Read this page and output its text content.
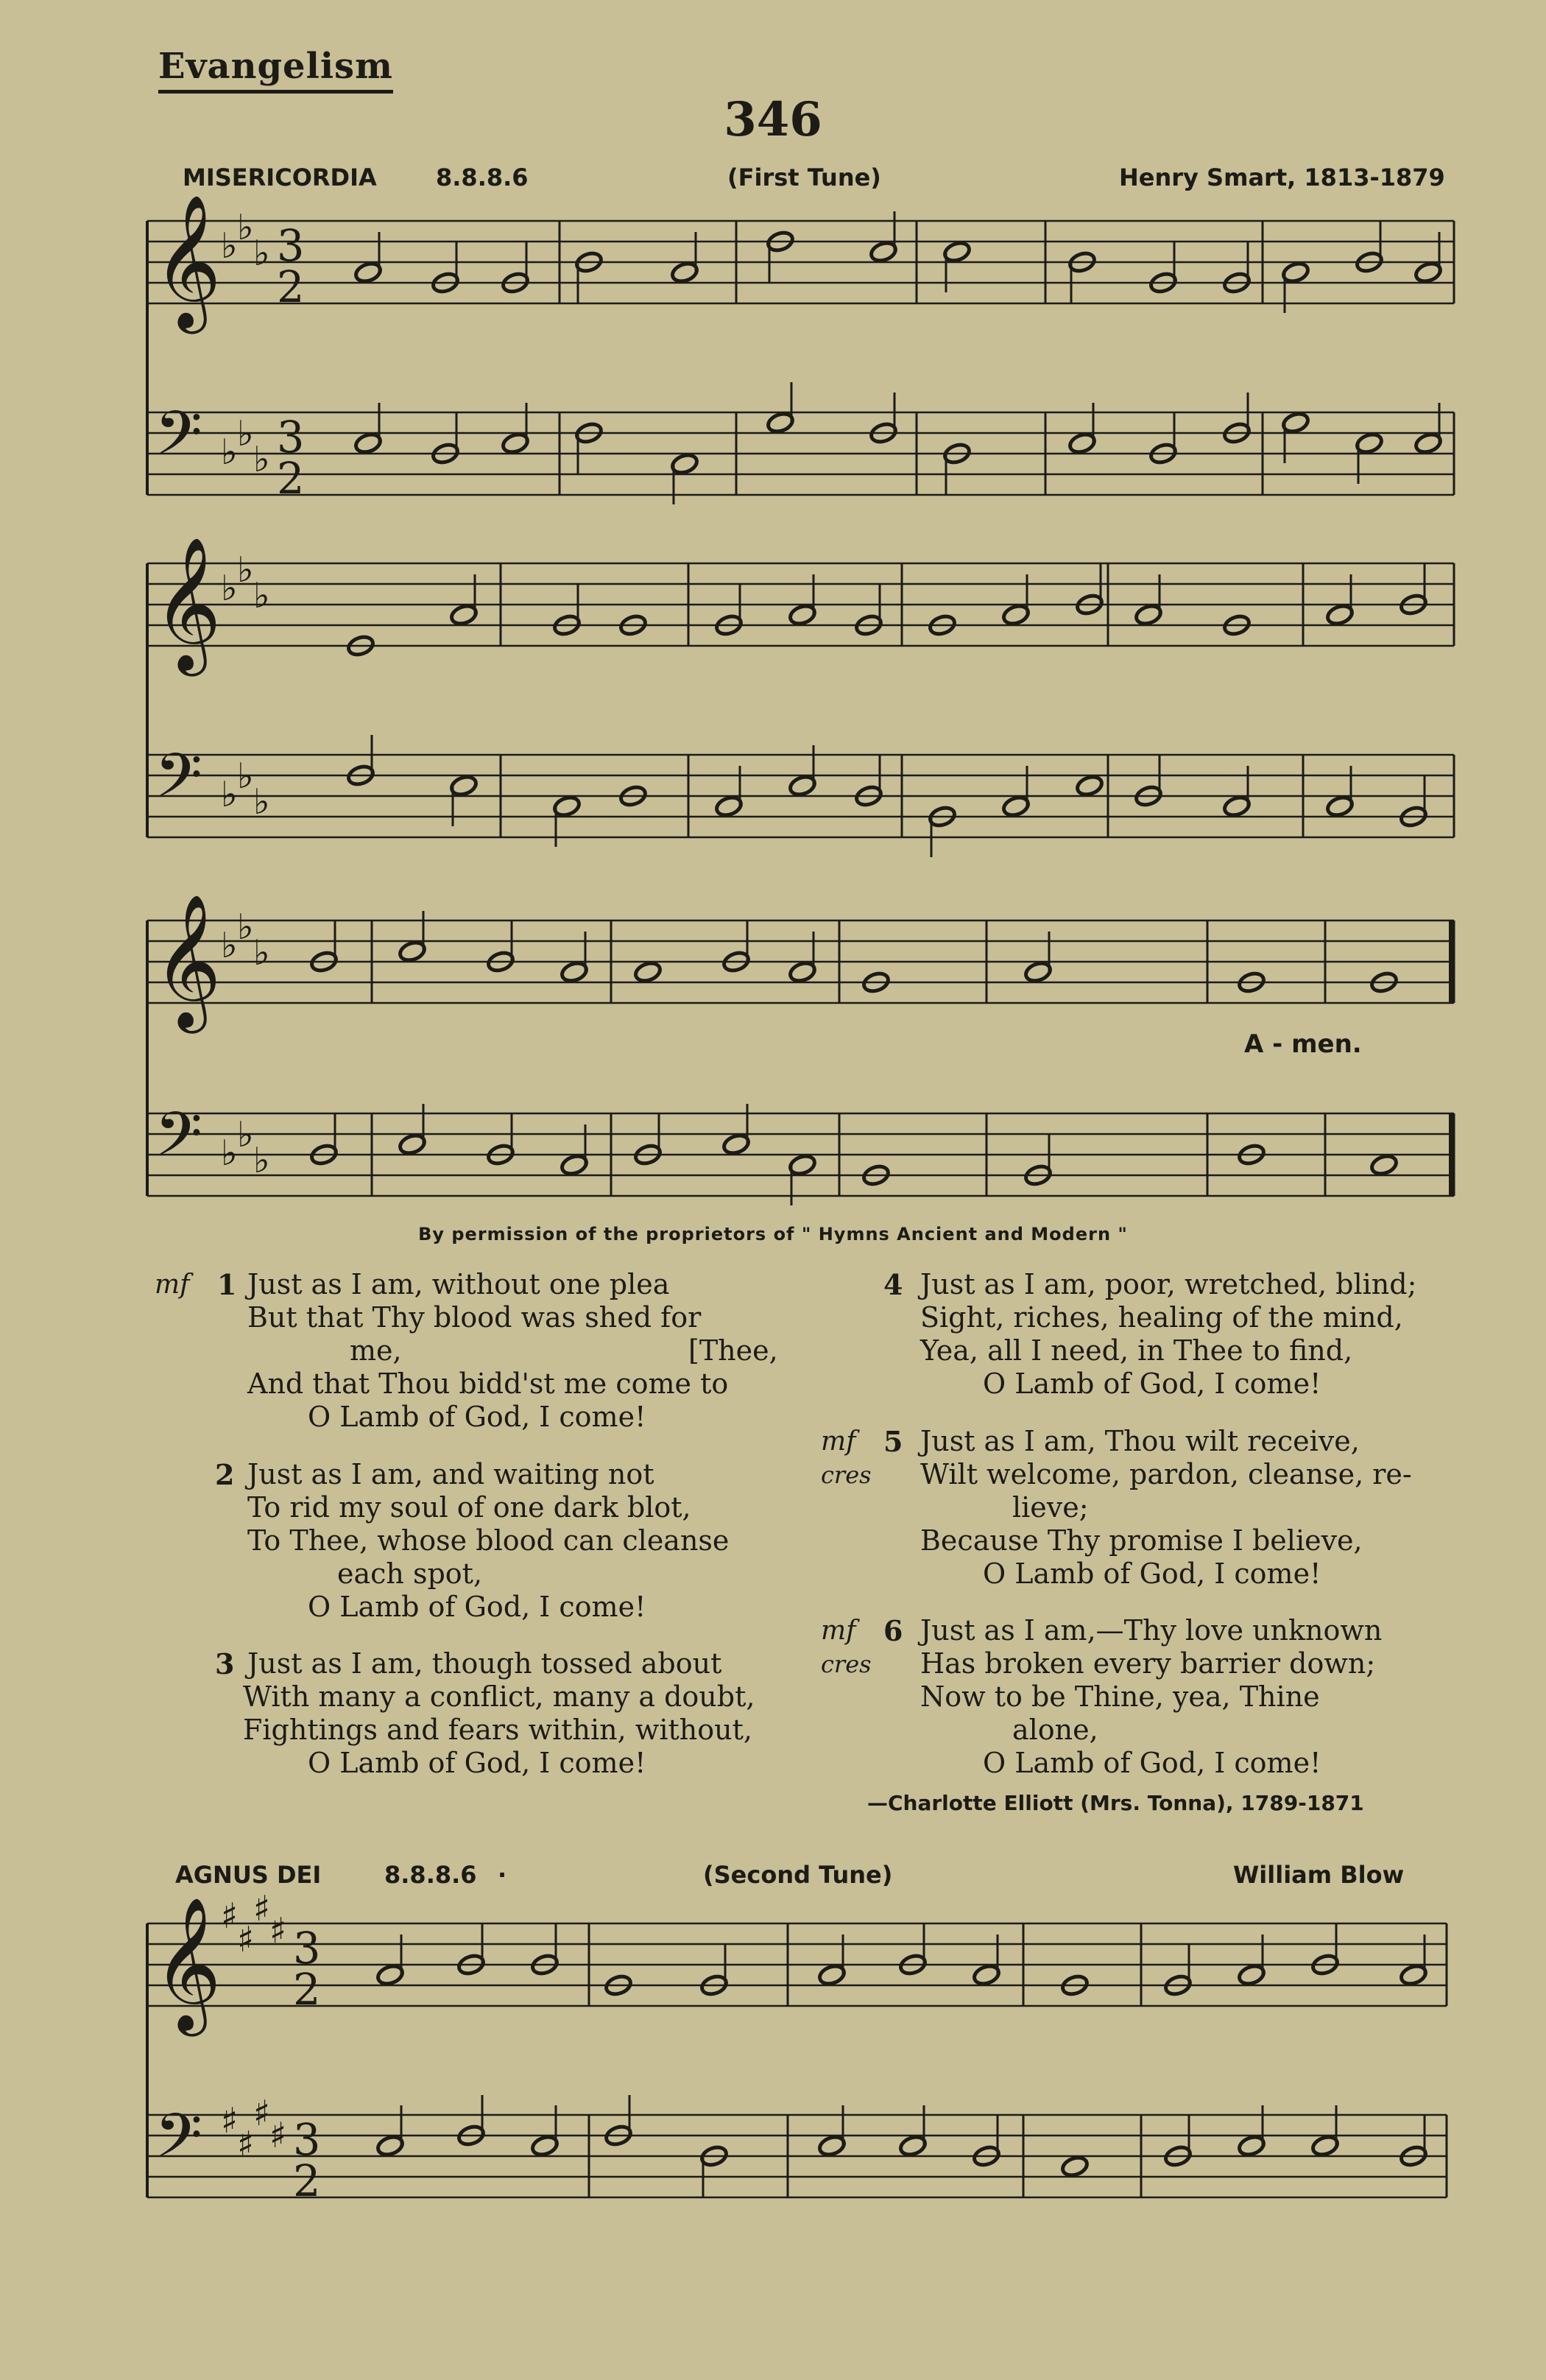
Evangelism
346
MISERICORDIA	8.8.8.6	(First Tune)	Henry Smart, 1813-1879
𝄞
𝄢
♭
♭
♭
♭
♭
♭
3
2
3
2
𝄞
𝄢
♭
♭
♭
♭
♭
♭
𝄞
𝄢
♭
♭
♭
♭
♭
♭
𝄞
𝄢
♯
♯
♯
♯
♯
♯
♯
♯
3
2
3
2
A - men.
By permission of the proprietors of " Hymns Ancient and Modern "
mf 1 Just as I am, without one plea
But that Thy blood was shed for
me,	[Thee,
And that Thou bidd'st me come to
O Lamb of God, I come!
2 Just as I am, and waiting not
To rid my soul of one dark blot,
To Thee, whose blood can cleanse
each spot,
O Lamb of God, I come!
3 Just as I am, though tossed about
With many a conflict, many a doubt,
Fightings and fears within, without,
O Lamb of God, I come!
4 Just as I am, poor, wretched, blind;
Sight, riches, healing of the mind,
Yea, all I need, in Thee to find,
O Lamb of God, I come!
mf
cres
5 Just as I am, Thou wilt receive,
Wilt welcome, pardon, cleanse, re-
lieve;
Because Thy promise I believe,
O Lamb of God, I come!
mf
cres
6 Just as I am,—Thy love unknown
Has broken every barrier down;
Now to be Thine, yea, Thine
alone,
O Lamb of God, I come!
—Charlotte Elliott (Mrs. Tonna), 1789-1871
AGNUS DEI	8.8.8.6 ·	(Second Tune)	William Blow
